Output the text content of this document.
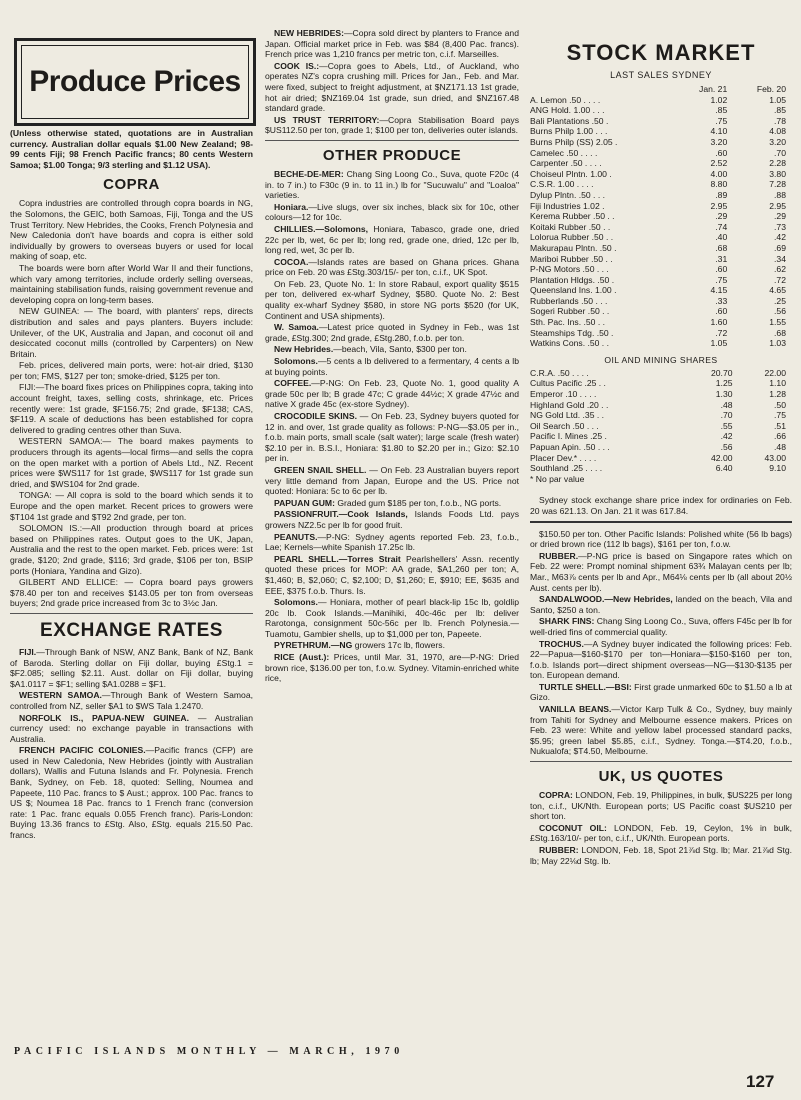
Produce Prices

(Unless otherwise stated, quotations are in Australian currency. Australian dollar equals $1.00 New Zealand; 98-99 cents Fiji; 98 French Pacific francs; 80 cents Western Samoa; $1.00 Tonga; 9/3 sterling and $1.12 USA).

COPRA

Copra industries are controlled through copra boards in NG, the Solomons, the GEIC, both Samoas, Fiji, Tonga and the US Trust Territory. New Hebrides, the Cooks, French Polynesia and New Caledonia don't have boards and copra is either sold individually by growers to overseas buyers or used for local making of soap, etc.

The boards were born after World War II and their functions, which vary among territories, include orderly selling overseas, maintaining stabilisation funds, raising government revenue and developing copra on long-term bases.

NEW GUINEA: — The board, with planters' reps, directs distribution and sales and pays planters. Buyers include: Unilever, of the UK, Australia and Japan, and coconut oil and desiccated coconut mills (controlled by Carpenters) on New Britain.

Feb. prices, delivered main ports, were: hot-air dried, $130 per ton; FMS, $127 per ton; smoke-dried, $125 per ton.

FIJI:—The board fixes prices on Philippines copra, taking into account freight, taxes, selling costs, shrinkage, etc. Prices recently were: 1st grade, $F156.75; 2nd grade, $F138; CAS, $F119. A scale of deductions has been established for copra delivered to grading centres other than Suva.

WESTERN SAMOA:— The board makes payments to producers through its agents—local firms—and sells the copra on the open market with a portion of Abels Ltd., NZ. Recent prices were $WS117 for 1st grade, $WS117 for 1st grade sun dried, and $WS104 for 2nd grade.

TONGA: — All copra is sold to the board which sends it to Europe and the open market. Recent prices to growers were $T104 1st grade and $T92 2nd grade, per ton.

SOLOMON IS.:—All production through board at prices based on Philippines rates. Output goes to the UK, Japan, Australia and the rest to the open market. Feb. prices were: 1st grade, $120; 2nd grade, $116; 3rd grade, $106 per ton, BSIP ports (Honiara, Yandina and Gizo).

GILBERT AND ELLICE: — Copra board pays growers $78.40 per ton and receives $143.05 per ton from overseas buyers; 2nd grade price increased from 3c to 3½c Jan.

EXCHANGE RATES

FIJI.—Through Bank of NSW, ANZ Bank, Bank of NZ, Bank of Baroda. Sterling dollar on Fiji dollar, buying £Stg.1 = $F2.085; selling $2.11. Aust. dollar on Fiji dollar, buying $A1.0117 = $F1; selling $A1.0288 = $F1.

WESTERN SAMOA.—Through Bank of Western Samoa, controlled from NZ, seller $A1 to $WS Tala 1.2470.

NORFOLK IS., PAPUA-NEW GUINEA. — Australian currency used: no exchange payable in transactions with Australia.

FRENCH PACIFIC COLONIES.—Pacific francs (CFP) are used in New Caledonia, New Hebrides (jointly with Australian dollars), Wallis and Futuna Islands and Fr. Polynesia. French Bank, Sydney, on Feb. 18, quoted: Selling, Noumea and Papeete, 110 Pac. francs to $ Aust.; approx. 100 Pac. francs to US $; Noumea 18 Pac. francs to 1 French franc (conversion rate: 1 Pac. franc equals 0.055 French franc). Paris-London: Buying 13.36 francs to £Stg. Also, £Stg. equals 215.50 Pac. francs.

NEW HEBRIDES:—Copra sold direct by planters to France and Japan. Official market price in Feb. was $84 (8,400 Pac. francs). French price was 1,210 francs per metric ton, c.i.f. Marseilles.

COOK IS.:—Copra goes to Abels, Ltd., of Auckland, who operates NZ's copra crushing mill. Prices for Jan., Feb. and Mar. were fixed, subject to freight adjustment, at $NZ171.13 1st grade, hot air dried; $NZ169.04 1st grade, sun dried, and $NZ167.48 standard grade.

US TRUST TERRITORY:—Copra Stabilisation Board pays $US112.50 per ton, grade 1; $100 per ton, deliveries outer islands.

OTHER PRODUCE

BECHE-DE-MER: Chang Sing Loong Co., Suva, quote F20c (4 in. to 7 in.) to F30c (9 in. to 11 in.) lb for "Sucuwalu" and "Loaloa" varieties.

Honiara.—Live slugs, over six inches, black six for 10c, other colours—12 for 10c.

CHILLIES.—Solomons, Honiara, Tabasco, grade one, dried 22c per lb, wet, 6c per lb; long red, grade one, dried, 12c per lb, long red, wet, 3c per lb.

COCOA.—Islands rates are based on Ghana prices. Ghana price on Feb. 20 was £Stg.303/15/- per ton, c.i.f., UK Spot.

On Feb. 23, Quote No. 1: In store Rabaul, export quality $515 per ton, delivered ex-wharf Sydney, $580. Quote No. 2: Best quality ex-wharf Sydney $580, in store NG ports $520 (for UK, Continent and USA shipments).

W. Samoa.—Latest price quoted in Sydney in Feb., was 1st grade, £Stg.300; 2nd grade, £Stg.280, f.o.b. per ton.

New Hebrides.—beach, Vila, Santo, $300 per ton.

Solomons.—5 cents a lb delivered to a fermentary, 4 cents a lb at buying points.

COFFEE.—P-NG: On Feb. 23, Quote No. 1, good quality A grade 50c per lb; B grade 47c; C grade 44½c; X grade 47½c and native X grade 45c (ex-store Sydney).

CROCODILE SKINS. — On Feb. 23, Sydney buyers quoted for 12 in. and over, 1st grade quality as follows: P-NG—$3.05 per in., f.o.b. main ports, small scale (salt water); large scale (fresh water) $2.10 per in. B.S.I., Honiara: $1.80 to $2.20 per in.; Gizo: $2.10 per in.

GREEN SNAIL SHELL. — On Feb. 23 Australian buyers report very little demand from Japan, Europe and the US. Price not quoted: Honiara: 5c to 6c per lb.

PAPUAN GUM: Graded gum $185 per ton, f.o.b., NG ports.

PASSIONFRUIT.—Cook Islands, Islands Foods Ltd. pays growers NZ2.5c per lb for good fruit.

PEANUTS.—P-NG: Sydney agents reported Feb. 23, f.o.b., Lae; Kernels—white Spanish 17.25c lb.

PEARL SHELL.—Torres Strait Pearlshellers' Assn. recently quoted these prices for MOP: AA grade, $A1,260 per ton; A, $1,460; B, $2,060; C, $2,100; D, $1,260; E, $910; EE, $635 and EEE, $375 f.o.b. Thurs. Is.

Solomons.— Honiara, mother of pearl black-lip 15c lb, goldlip 20c lb. Cook Islands.—Manihiki, 40c-46c per lb: deliver Rarotonga, consignment 50c-56c per lb. French Polynesia.—Tuamotu, Gambier shells, up to $1,000 per ton, Papeete.

PYRETHRUM.—NG growers 17c lb, flowers.

RICE (Aust.): Prices, until Mar. 31, 1970, are—P-NG: Dried brown rice, $136.00 per ton, f.o.w. Sydney. Vitamin-enriched white rice,

STOCK MARKET
LAST SALES SYDNEY
	Jan. 21	Feb. 20
A. Lemon .50 . . . .	1.02	1.05
ANG Hold. 1.00 . . .	.85	.85
Bali Plantations .50 .	.75	.78
Burns Philp 1.00 . . .	4.10	4.08
Burns Philp (SS) 2.05 .	3.20	3.20
Camelec .50 . . . .	.60	.70
Carpenter .50 . . . .	2.52	2.28
Choiseul Plntn. 1.00 .	4.00	3.80
C.S.R. 1.00 . . . .	8.80	7.28
Dylup Plntn. .50 . . .	.89	.88
Fiji Industries 1.02 .	2.95	2.95
Kerema Rubber .50 . .	.29	.29
Koitaki Rubber .50 . .	.74	.73
Lolorua Rubber .50 . .	.40	.42
Makurapau Plntn. .50 .	.68	.69
Mariboi Rubber .50 . .	.31	.34
P-NG Motors .50 . . .	.60	.62
Plantation Hldgs. .50 .	.75	.72
Queensland Ins. 1.00 .	4.15	4.65
Rubberlands .50 . . .	.33	.25
Sogeri Rubber .50 . .	.60	.56
Sth. Pac. Ins. .50 . .	1.60	1.55
Steamships Tdg. .50 .	.72	.68
Watkins Cons. .50 . .	1.05	1.03
OIL AND MINING SHARES
C.R.A. .50 . . . .	20.70	22.00
Cultus Pacific .25 . .	1.25	1.10
Emperor .10 . . . .	1.30	1.28
Highland Gold .20 . .	.48	.50
NG Gold Ltd. .35 . .	.70	.75
Oil Search .50 . . .	.55	.51
Pacific I. Mines .25 .	.42	.66
Papuan Apin. .50 . . .	.56	.48
Placer Dev.* . . . .	42.00	43.00
Southland .25 . . . .	6.40	9.10

* No par value

Sydney stock exchange share price index for ordinaries on Feb. 20 was 621.13. On Jan. 21 it was 617.84.

$150.50 per ton. Other Pacific Islands: Polished white (56 lb bags) or dried brown rice (112 lb bags), $161 per ton, f.o.w.

RUBBER.—P-NG price is based on Singapore rates which on Feb. 22 were: Prompt nominal shipment 63¾ Malayan cents per lb; Mar., M63⅞ cents per lb and Apr., M64⅛ cents per lb (all about 20½ Aust. cents per lb).

SANDALWOOD.—New Hebrides, landed on the beach, Vila and Santo, $250 a ton.

SHARK FINS: Chang Sing Loong Co., Suva, offers F45c per lb for well-dried fins of commercial quality.

TROCHUS.—A Sydney buyer indicated the following prices: Feb. 22—Papua—$160-$170 per ton—Honiara—$150-$160 per ton, f.o.b. Islands port—direct shipment overseas—NG—$130-$135 per ton. European demand.

TURTLE SHELL.—BSI: First grade unmarked 60c to $1.50 a lb at Gizo.

VANILLA BEANS.—Victor Karp Tulk & Co., Sydney, buy mainly from Tahiti for Sydney and Melbourne essence makers. Prices on Feb. 23 were: White and yellow label processed standard packs, $5.95; green label $5.85, c.i.f., Sydney. Tonga.—$T4.20, f.o.b., Nukualofa; $T4.50, Melbourne.

UK, US QUOTES

COPRA: LONDON, Feb. 19, Philippines, in bulk, $US225 per long ton, c.i.f., UK/Nth. European ports; US Pacific coast $US210 per short ton.

COCONUT OIL: LONDON, Feb. 19, Ceylon, 1% in bulk, £Stg.163/10/- per ton, c.i.f., UK/Nth. European ports.

RUBBER: LONDON, Feb. 18, Spot 21⅞d Stg. lb; Mar. 21⅞d Stg. lb; May 22⅛d Stg. lb.

PACIFIC ISLANDS MONTHLY — MARCH, 1970
127
